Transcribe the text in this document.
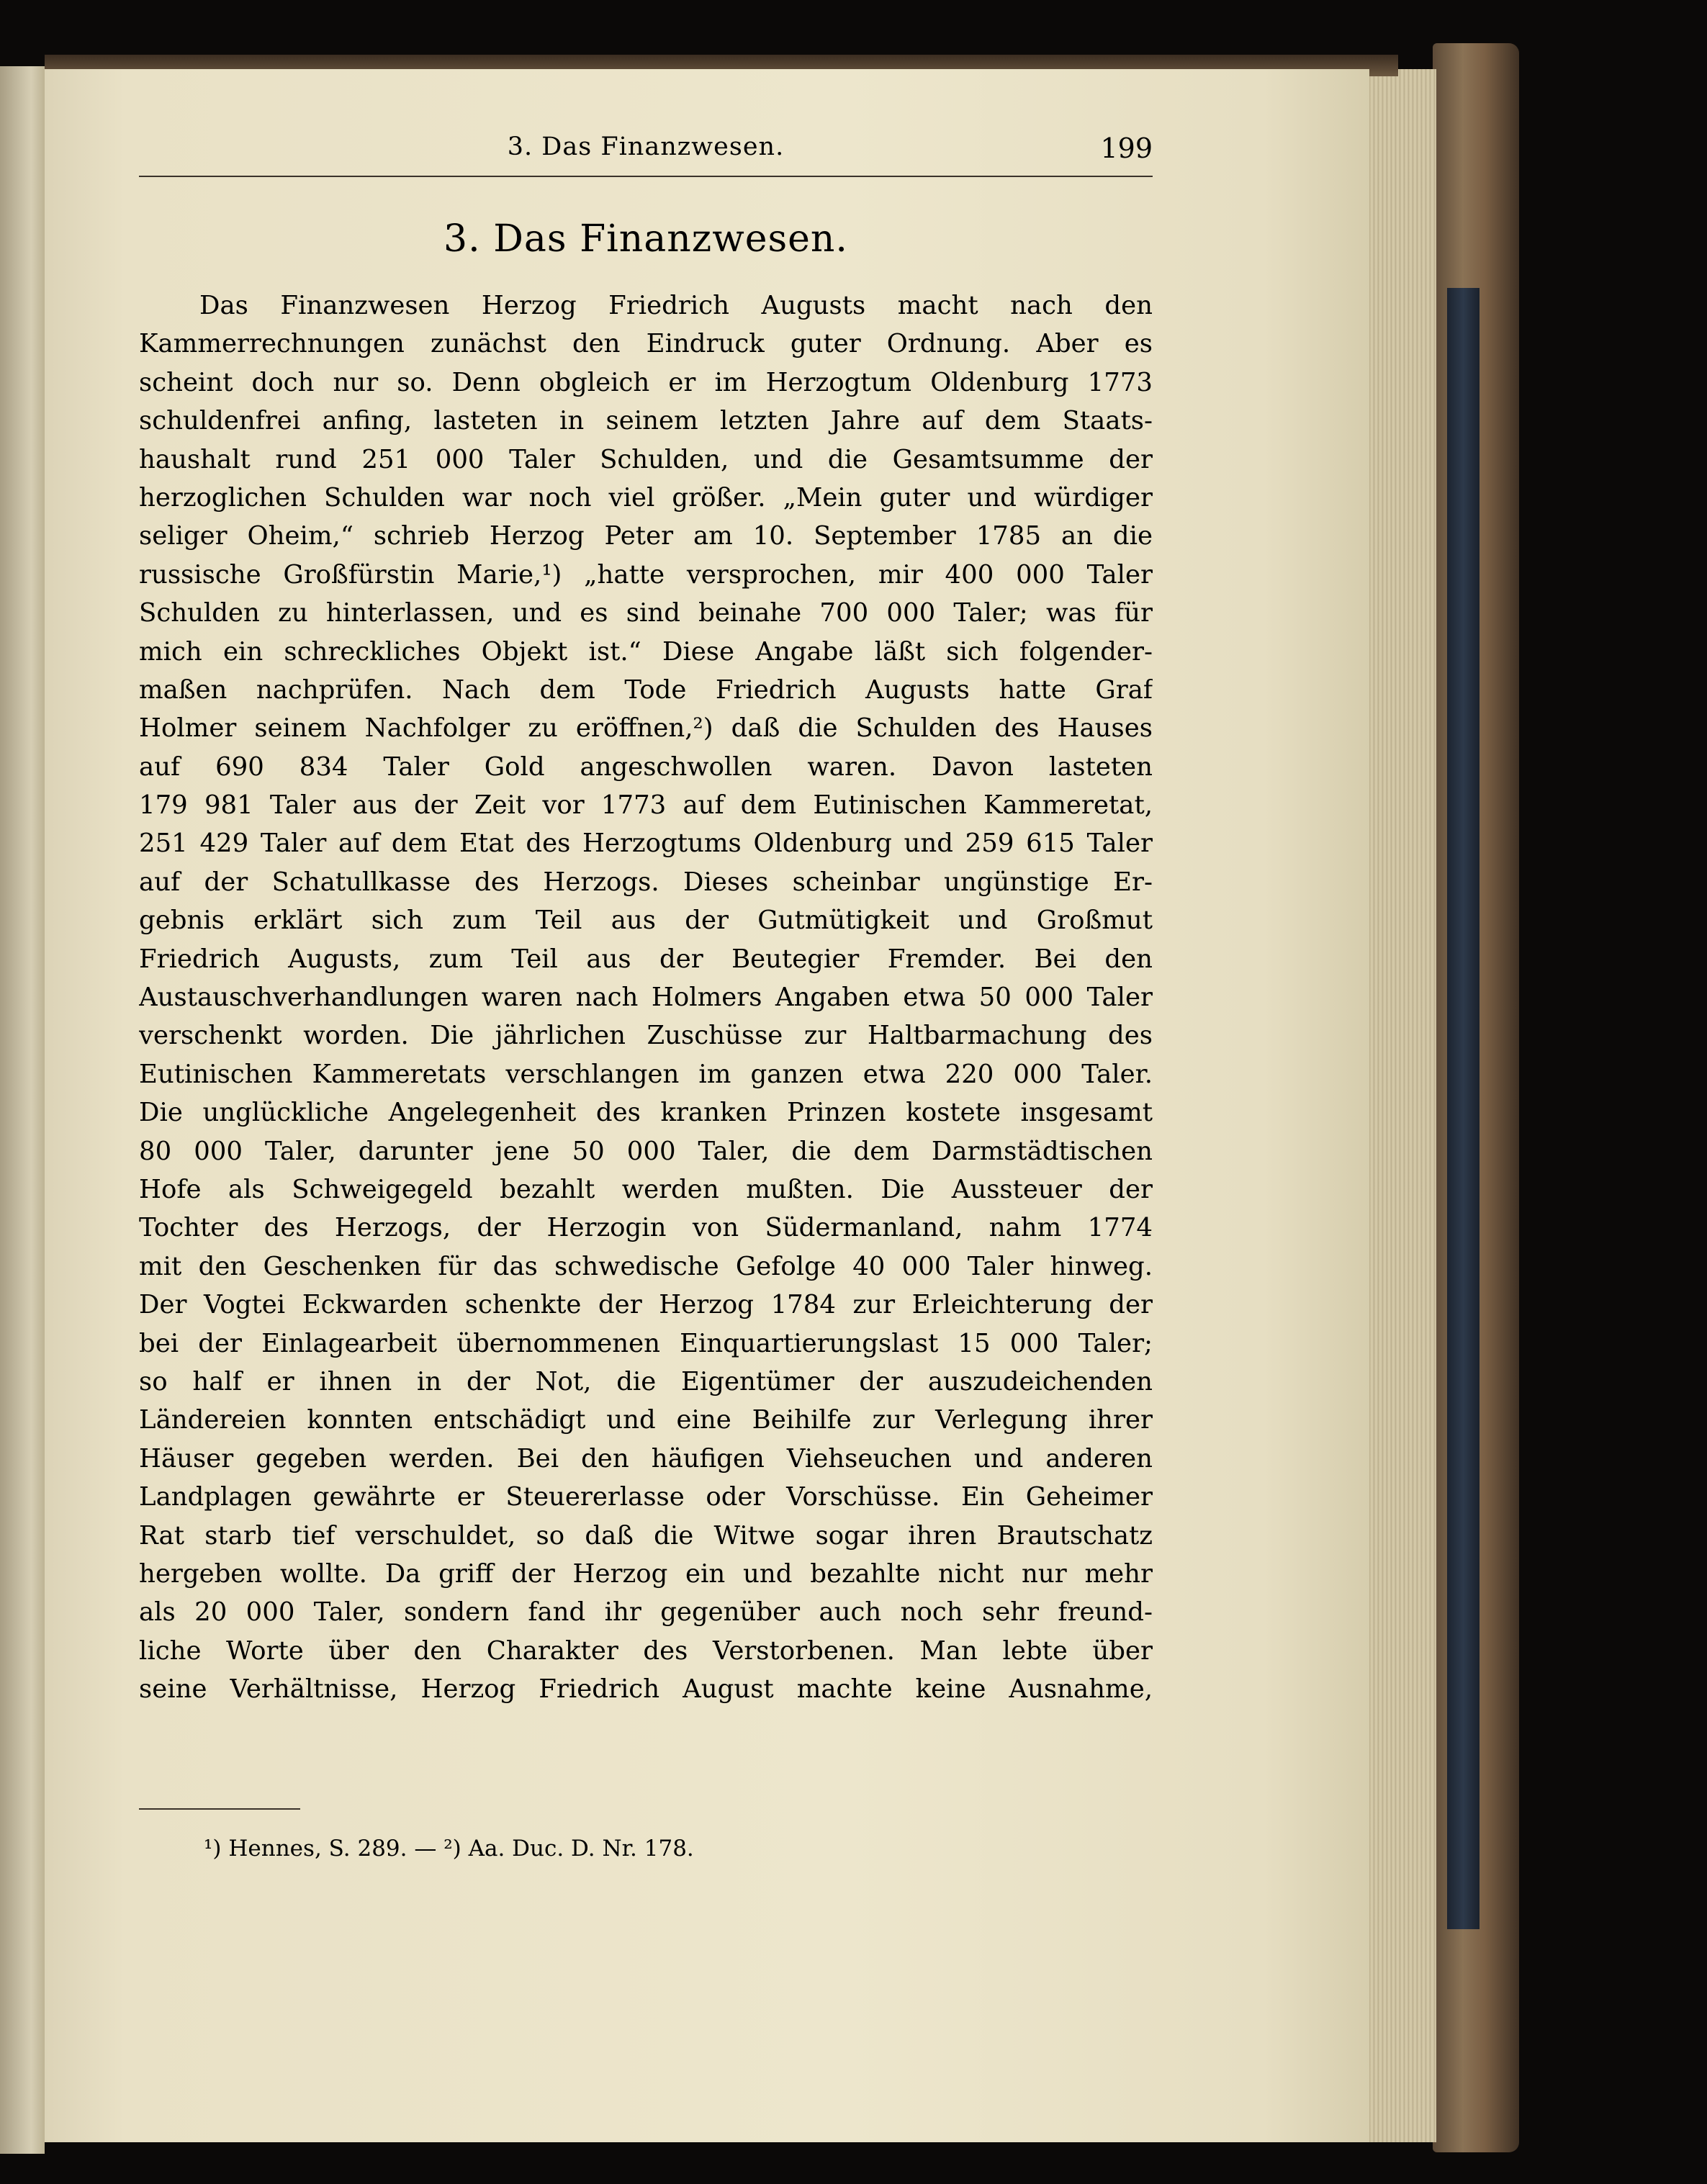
3. Das Finanzwesen.	199
3. Das Finanzwesen.
Das Finanzwesen Herzog Friedrich Augusts macht nach den
Kammerrechnungen zunächst den Eindruck guter Ordnung. Aber es
scheint doch nur so. Denn obgleich er im Herzogtum Oldenburg 1773
schuldenfrei anfing, lasteten in seinem letzten Jahre auf dem Staats-
haushalt rund 251 000 Taler Schulden, und die Gesamtsumme der
herzoglichen Schulden war noch viel größer. „Mein guter und würdiger
seliger Oheim,“ schrieb Herzog Peter am 10. September 1785 an die
russische Großfürstin Marie,¹) „hatte versprochen, mir 400 000 Taler
Schulden zu hinterlassen, und es sind beinahe 700 000 Taler; was für
mich ein schreckliches Objekt ist.“ Diese Angabe läßt sich folgender-
maßen nachprüfen. Nach dem Tode Friedrich Augusts hatte Graf
Holmer seinem Nachfolger zu eröffnen,²) daß die Schulden des Hauses
auf 690 834 Taler Gold angeschwollen waren. Davon lasteten
179 981 Taler aus der Zeit vor 1773 auf dem Eutinischen Kammeretat,
251 429 Taler auf dem Etat des Herzogtums Oldenburg und 259 615 Taler
auf der Schatullkasse des Herzogs. Dieses scheinbar ungünstige Er-
gebnis erklärt sich zum Teil aus der Gutmütigkeit und Großmut
Friedrich Augusts, zum Teil aus der Beutegier Fremder. Bei den
Austauschverhandlungen waren nach Holmers Angaben etwa 50 000 Taler
verschenkt worden. Die jährlichen Zuschüsse zur Haltbarmachung des
Eutinischen Kammeretats verschlangen im ganzen etwa 220 000 Taler.
Die unglückliche Angelegenheit des kranken Prinzen kostete insgesamt
80 000 Taler, darunter jene 50 000 Taler, die dem Darmstädtischen
Hofe als Schweigegeld bezahlt werden mußten. Die Aussteuer der
Tochter des Herzogs, der Herzogin von Südermanland, nahm 1774
mit den Geschenken für das schwedische Gefolge 40 000 Taler hinweg.
Der Vogtei Eckwarden schenkte der Herzog 1784 zur Erleichterung der
bei der Einlagearbeit übernommenen Einquartierungslast 15 000 Taler;
so half er ihnen in der Not, die Eigentümer der auszudeichenden
Ländereien konnten entschädigt und eine Beihilfe zur Verlegung ihrer
Häuser gegeben werden. Bei den häufigen Viehseuchen und anderen
Landplagen gewährte er Steuererlasse oder Vorschüsse. Ein Geheimer
Rat starb tief verschuldet, so daß die Witwe sogar ihren Brautschatz
hergeben wollte. Da griff der Herzog ein und bezahlte nicht nur mehr
als 20 000 Taler, sondern fand ihr gegenüber auch noch sehr freund-
liche Worte über den Charakter des Verstorbenen. Man lebte über
seine Verhältnisse, Herzog Friedrich August machte keine Ausnahme,
¹) Hennes, S. 289. — ²) Aa. Duc. D. Nr. 178.
